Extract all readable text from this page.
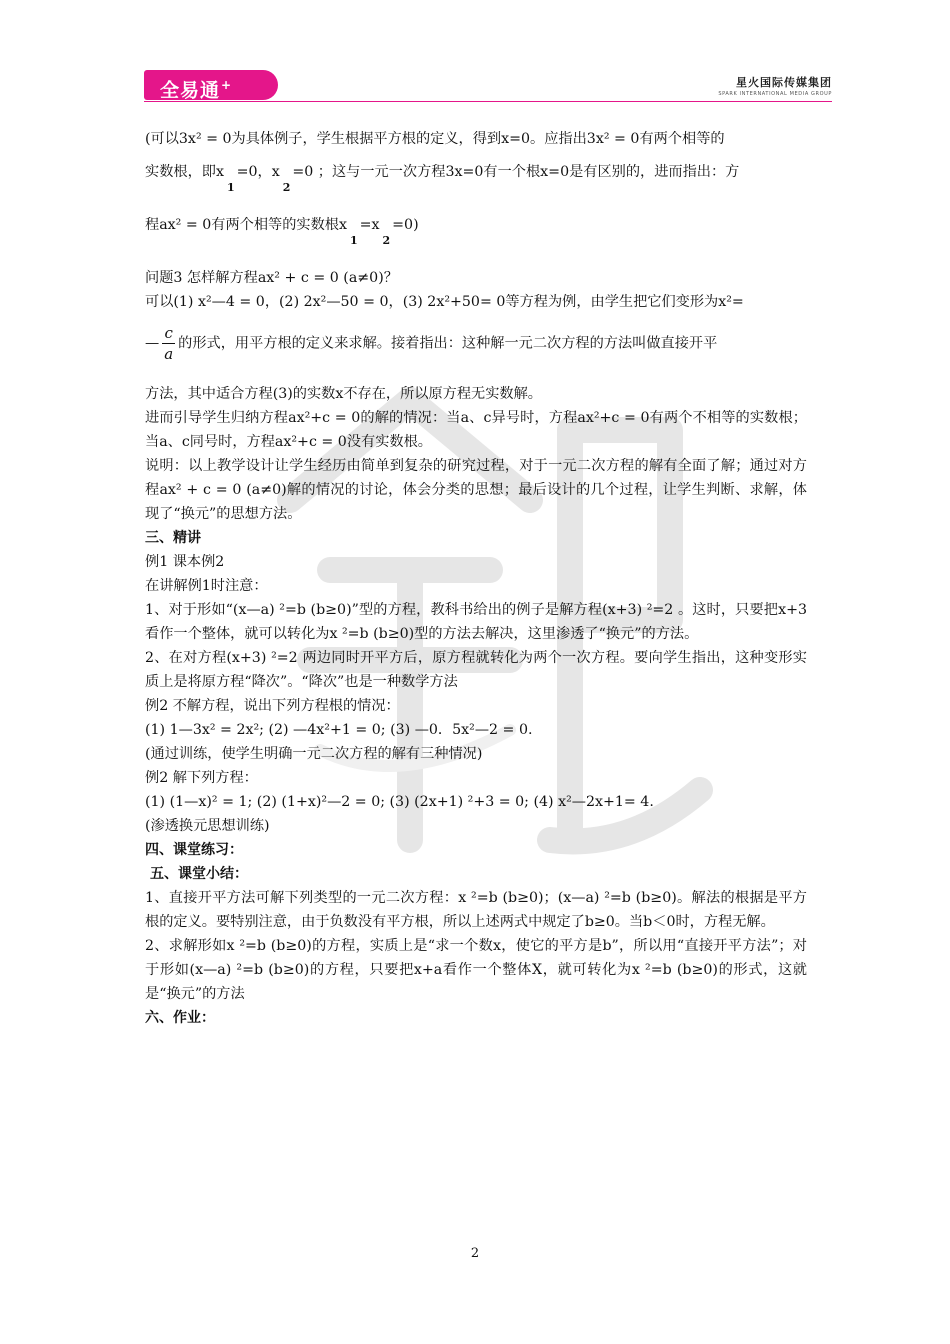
全易通+	星火国际传媒集团
SPARK INTERNATIONAL MEDIA GROUP

(可以3x² = 0为具体例子，学生根据平方根的定义，得到x=0。应指出3x² = 0有两个相等的

实数根，即$x_1=0$，$x_2=0$ ；这与一元一次方程3x=0有一个根x=0是有区别的，进而指出：方

程ax² = 0有两个相等的实数根$x_1=x_2=0$)

问题3 怎样解方程ax² + c = 0 (a≠0)？

可以(1) x²—4 = 0，(2) 2x²—50 = 0，(3) 2x²+50= 0等方程为例，由学生把它们变形为x²=

— $\frac{c}{a}$ 的形式，用平方根的定义来求解。接着指出：这种解一元二次方程的方法叫做直接开平

方法，其中适合方程(3)的实数x不存在，所以原方程无实数解。

进而引导学生归纳方程ax²+c = 0的解的情况：当a、c异号时，方程ax²+c = 0有两个不相等的实数根；当a、c同号时，方程ax²+c = 0没有实数根。

说明：以上教学设计让学生经历由简单到复杂的研究过程，对于一元二次方程的解有全面了解；通过对方程ax² + c = 0 (a≠0)解的情况的讨论，体会分类的思想；最后设计的几个过程，让学生判断、求解，体现了“换元”的思想方法。

三、精讲

例1 课本例2

在讲解例1时注意：

1、对于形如“(x—a) ²=b (b≥0)”型的方程，教科书给出的例子是解方程(x+3) ²=2 。这时，只要把x+3看作一个整体，就可以转化为x ²=b (b≥0)型的方法去解决，这里渗透了“换元”的方法。

2、在对方程(x+3) ²=2 两边同时开平方后，原方程就转化为两个一次方程。要向学生指出，这种变形实质上是将原方程“降次”。“降次”也是一种数学方法

例2 不解方程，说出下列方程根的情况：

(1) 1—3x² = 2x²; (2) —4x²+1 = 0; (3) —0．5x²—2 = 0.

(通过训练，使学生明确一元二次方程的解有三种情况)

例2 解下列方程：

(1) (1—x)² = 1; (2) (1+x)²—2 = 0; (3) (2x+1) ²+3 = 0; (4) x²—2x+1= 4.

(渗透换元思想训练)

四、课堂练习：

五、课堂小结：

1、直接开平方法可解下列类型的一元二次方程：x ²=b (b≥0)；(x—a) ²=b (b≥0)。解法的根据是平方根的定义。要特别注意，由于负数没有平方根，所以上述两式中规定了b≥0。当b＜0时，方程无解。

2、求解形如x ²=b (b≥0)的方程，实质上是“求一个数x，使它的平方是b”，所以用“直接开平方法”；对于形如(x—a) ²=b (b≥0)的方程，只要把x+a看作一个整体X，就可转化为x ²=b (b≥0)的形式，这就是“换元”的方法

六、作业：

2
